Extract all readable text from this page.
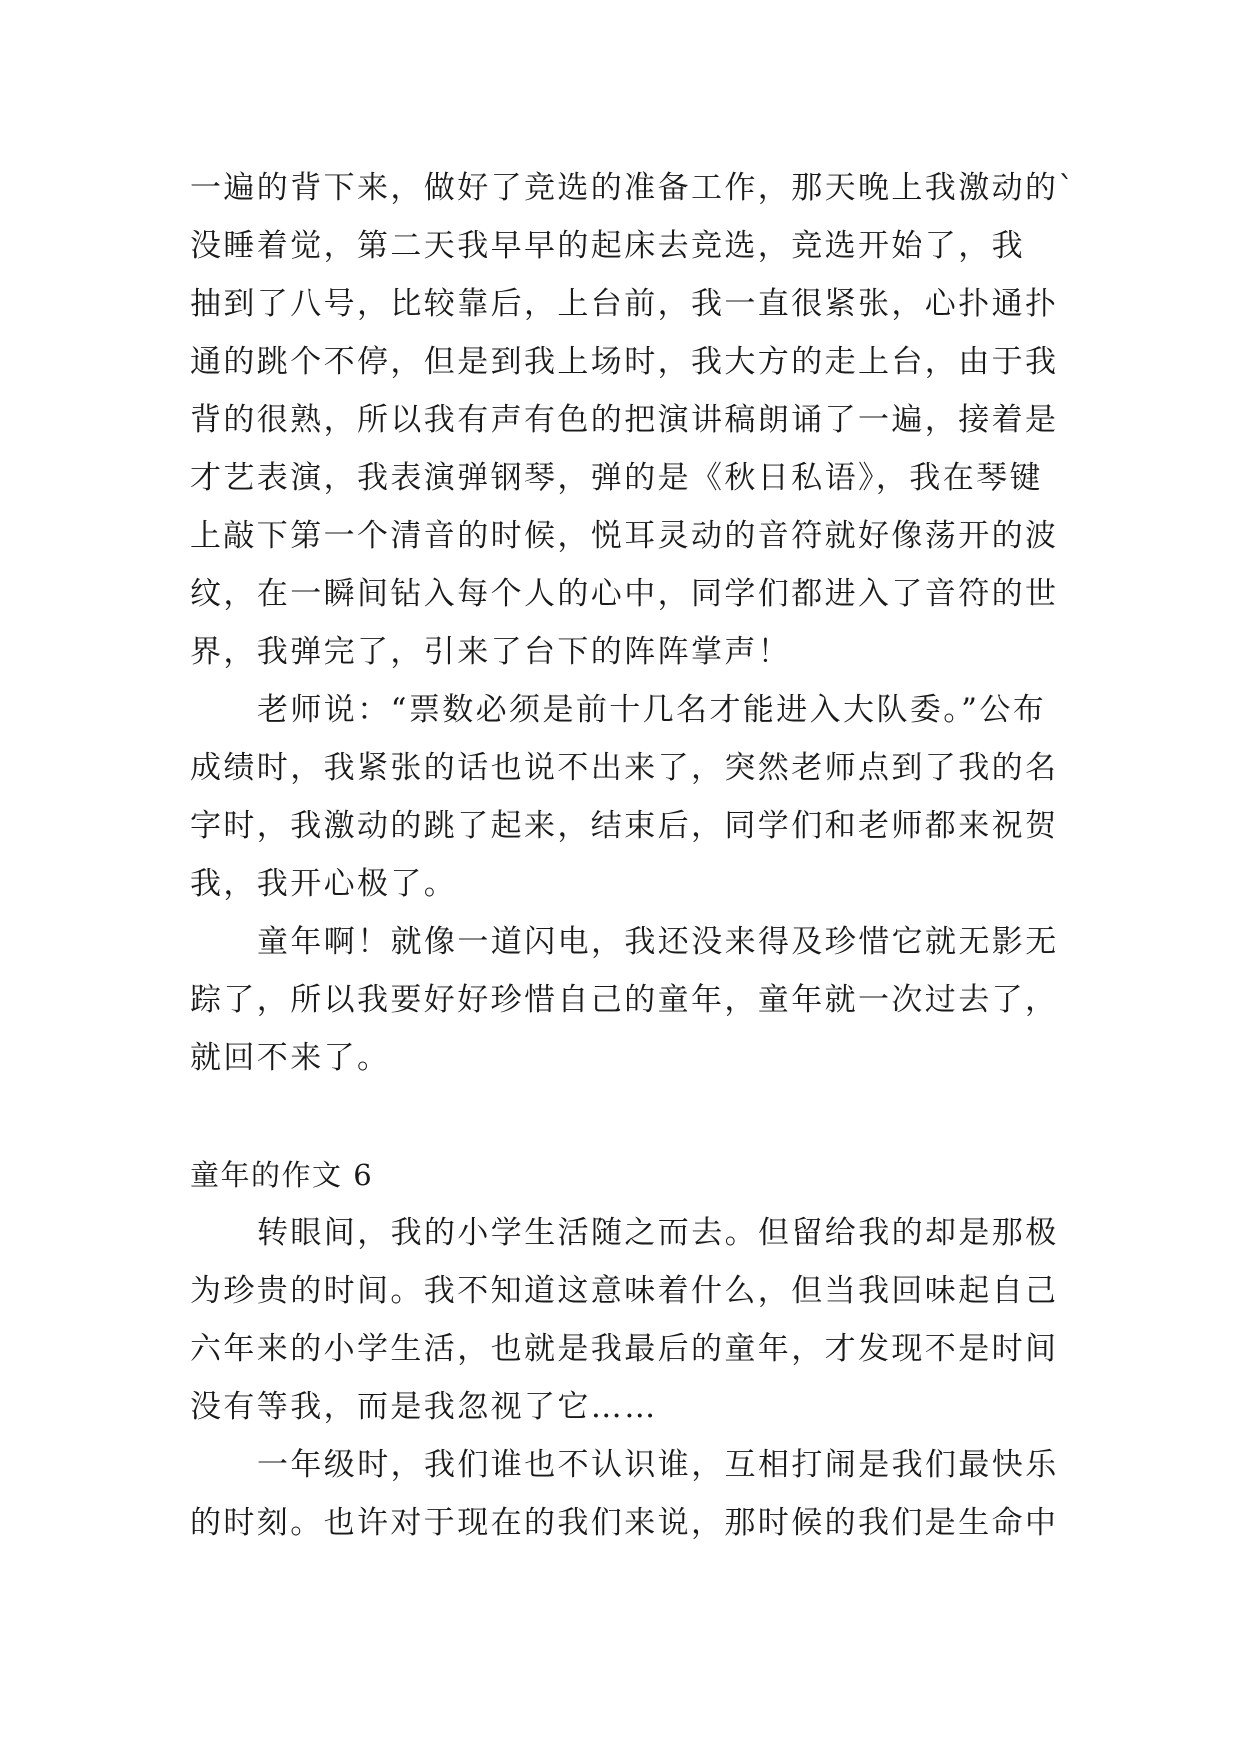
一遍的背下来，做好了竞选的准备工作，那天晚上我激动的`
没睡着觉，第二天我早早的起床去竞选，竞选开始了，我
抽到了八号，比较靠后，上台前，我一直很紧张，心扑通扑
通的跳个不停，但是到我上场时，我大方的走上台，由于我
背的很熟，所以我有声有色的把演讲稿朗诵了一遍，接着是
才艺表演，我表演弹钢琴，弹的是《秋日私语》，我在琴键
上敲下第一个清音的时候，悦耳灵动的音符就好像荡开的波
纹，在一瞬间钻入每个人的心中，同学们都进入了音符的世
界，我弹完了，引来了台下的阵阵掌声！
老师说：“票数必须是前十几名才能进入大队委。”公布
成绩时，我紧张的话也说不出来了，突然老师点到了我的名
字时，我激动的跳了起来，结束后，同学们和老师都来祝贺
我，我开心极了。
童年啊！就像一道闪电，我还没来得及珍惜它就无影无
踪了，所以我要好好珍惜自己的童年，童年就一次过去了，
就回不来了。
童年的作文 6
转眼间，我的小学生活随之而去。但留给我的却是那极
为珍贵的时间。我不知道这意味着什么，但当我回味起自己
六年来的小学生活，也就是我最后的童年，才发现不是时间
没有等我，而是我忽视了它……
一年级时，我们谁也不认识谁，互相打闹是我们最快乐
的时刻。也许对于现在的我们来说，那时候的我们是生命中
